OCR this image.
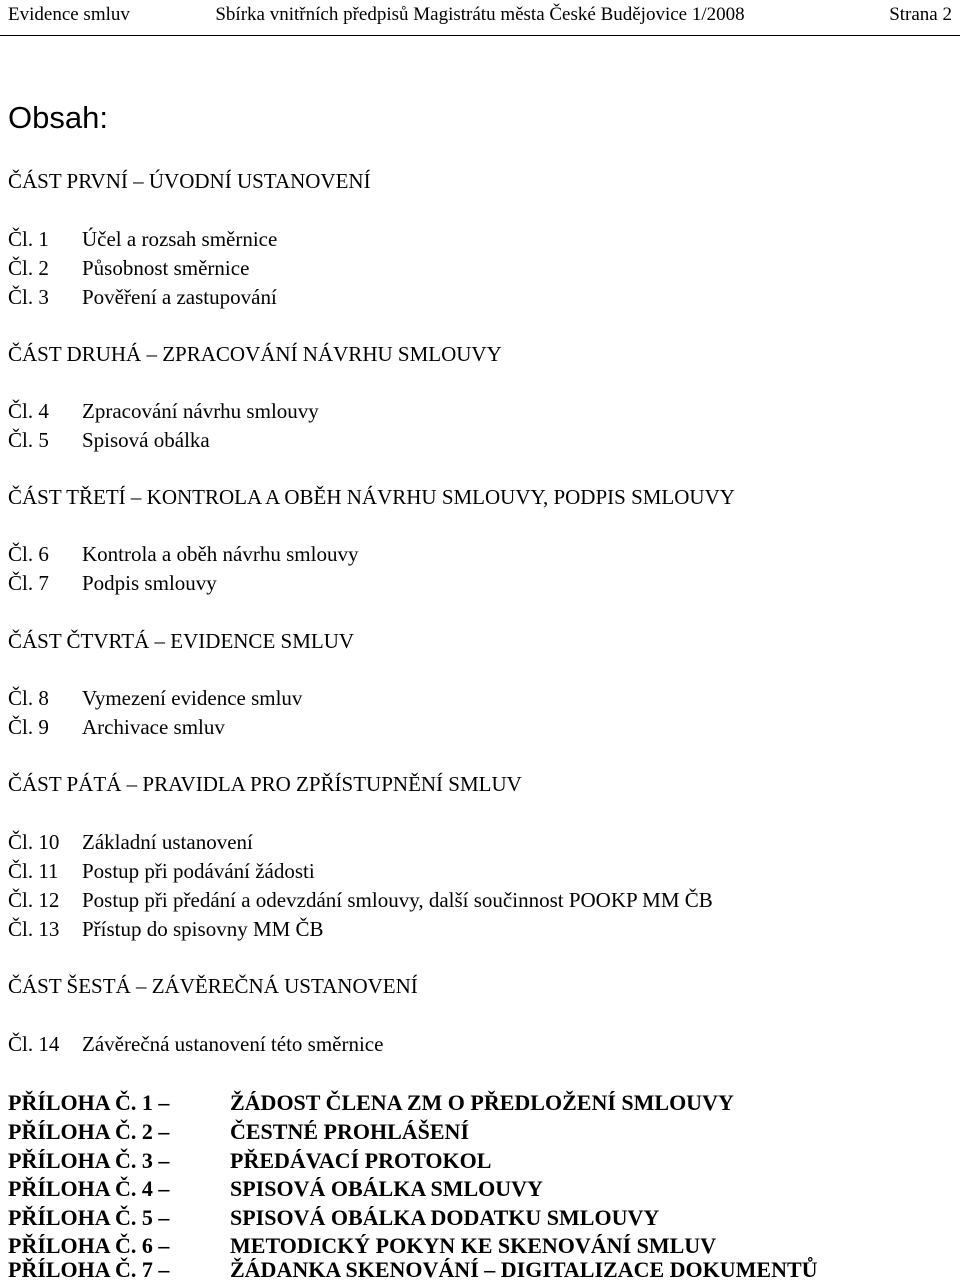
Evidence smluv	Sbírka vnitřních předpisů Magistrátu města České Budějovice 1/2008	Strana 2
Obsah:
ČÁST PRVNÍ – ÚVODNÍ USTANOVENÍ
Čl. 1 Účel a rozsah směrnice
Čl. 2 Působnost směrnice
Čl. 3 Pověření a zastupování
ČÁST DRUHÁ – ZPRACOVÁNÍ NÁVRHU SMLOUVY
Čl. 4 Zpracování návrhu smlouvy
Čl. 5 Spisová obálka
ČÁST TŘETÍ – KONTROLA A OBĚH NÁVRHU SMLOUVY, PODPIS SMLOUVY
Čl. 6 Kontrola a oběh návrhu smlouvy
Čl. 7 Podpis smlouvy
ČÁST ČTVRTÁ – EVIDENCE SMLUV
Čl. 8 Vymezení evidence smluv
Čl. 9 Archivace smluv
ČÁST PÁTÁ – PRAVIDLA PRO ZPŘÍSTUPNĚNÍ SMLUV
Čl. 10 Základní ustanovení
Čl. 11 Postup při podávání žádosti
Čl. 12 Postup při předání a odevzdání smlouvy, další součinnost POOKP MM ČB
Čl. 13 Přístup do spisovny MM ČB
ČÁST ŠESTÁ – ZÁVĚREČNÁ USTANOVENÍ
Čl. 14 Závěrečná ustanovení této směrnice
PŘÍLOHA Č. 1 –	ŽÁDOST ČLENA ZM O PŘEDLOŽENÍ SMLOUVY
PŘÍLOHA Č. 2 –	ČESTNÉ PROHLÁŠENÍ
PŘÍLOHA Č. 3 –	PŘEDÁVACÍ PROTOKOL
PŘÍLOHA Č. 4 –	SPISOVÁ OBÁLKA SMLOUVY
PŘÍLOHA Č. 5 –	SPISOVÁ OBÁLKA DODATKU SMLOUVY
PŘÍLOHA Č. 6 –	METODICKÝ POKYN KE SKENOVÁNÍ SMLUV
PŘÍLOHA Č. 7 –	ŽÁDANKA SKENOVÁNÍ – DIGITALIZACE DOKUMENTŮ
